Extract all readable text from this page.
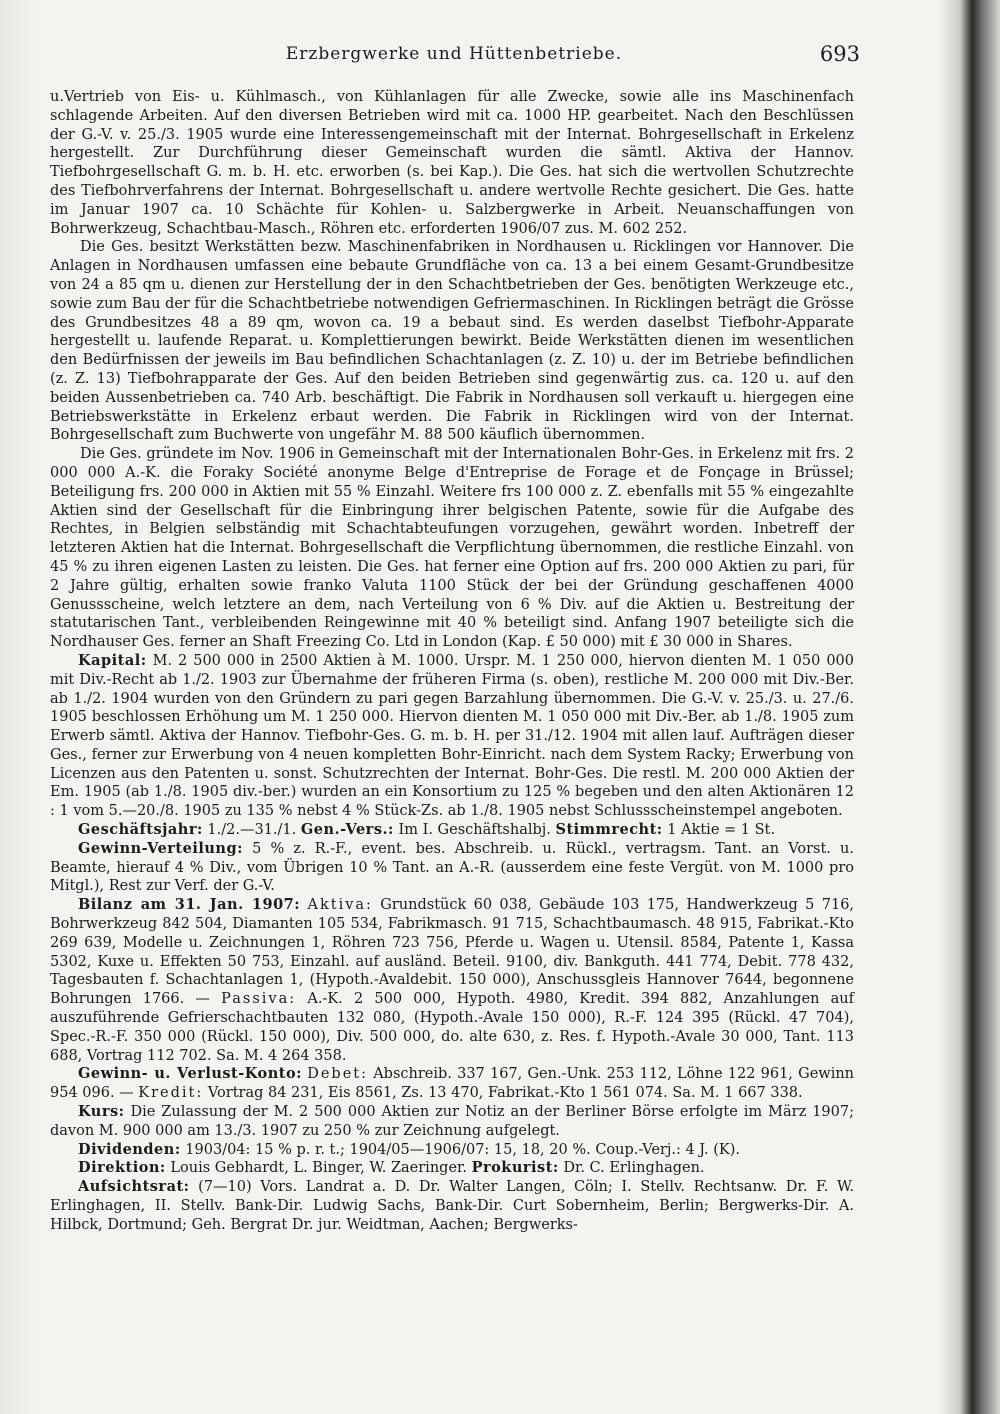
Erzbergwerke und Hüttenbetriebe.	693

u.Vertrieb von Eis- u. Kühlmasch., von Kühlanlagen für alle Zwecke, sowie alle ins Maschinenfach schlagende Arbeiten. Auf den diversen Betrieben wird mit ca. 1000 HP. gearbeitet. Nach den Beschlüssen der G.-V. v. 25./3. 1905 wurde eine Interessengemeinschaft mit der Internat. Bohrgesellschaft in Erkelenz hergestellt. Zur Durchführung dieser Gemeinschaft wurden die sämtl. Aktiva der Hannov. Tiefbohrgesellschaft G. m. b. H. etc. erworben (s. bei Kap.). Die Ges. hat sich die wertvollen Schutzrechte des Tiefbohrverfahrens der Internat. Bohrgesellschaft u. andere wertvolle Rechte gesichert. Die Ges. hatte im Januar 1907 ca. 10 Schächte für Kohlen- u. Salzbergwerke in Arbeit. Neuanschaffungen von Bohrwerkzeug, Schachtbau-Masch., Röhren etc. erforderten 1906/07 zus. M. 602 252.

Die Ges. besitzt Werkstätten bezw. Maschinenfabriken in Nordhausen u. Ricklingen vor Hannover. Die Anlagen in Nordhausen umfassen eine bebaute Grundfläche von ca. 13 a bei einem Gesamt-Grundbesitze von 24 a 85 qm u. dienen zur Herstellung der in den Schachtbetrieben der Ges. benötigten Werkzeuge etc., sowie zum Bau der für die Schachtbetriebe notwendigen Gefriermaschinen. In Ricklingen beträgt die Grösse des Grundbesitzes 48 a 89 qm, wovon ca. 19 a bebaut sind. Es werden daselbst Tiefbohr-Apparate hergestellt u. laufende Reparat. u. Komplettierungen bewirkt. Beide Werkstätten dienen im wesentlichen den Bedürfnissen der jeweils im Bau befindlichen Schachtanlagen (z. Z. 10) u. der im Betriebe befindlichen (z. Z. 13) Tiefbohrapparate der Ges. Auf den beiden Betrieben sind gegenwärtig zus. ca. 120 u. auf den beiden Aussenbetrieben ca. 740 Arb. beschäftigt. Die Fabrik in Nordhausen soll verkauft u. hiergegen eine Betriebswerkstätte in Erkelenz erbaut werden. Die Fabrik in Ricklingen wird von der Internat. Bohrgesellschaft zum Buchwerte von ungefähr M. 88 500 käuflich übernommen.

Die Ges. gründete im Nov. 1906 in Gemeinschaft mit der Internationalen Bohr-Ges. in Erkelenz mit frs. 2 000 000 A.-K. die Foraky Société anonyme Belge d'Entreprise de Forage et de Fonçage in Brüssel; Beteiligung frs. 200 000 in Aktien mit 55 % Einzahl. Weitere frs 100 000 z. Z. ebenfalls mit 55 % eingezahlte Aktien sind der Gesellschaft für die Einbringung ihrer belgischen Patente, sowie für die Aufgabe des Rechtes, in Belgien selbständig mit Schachtabteufungen vorzugehen, gewährt worden. Inbetreff der letzteren Aktien hat die Internat. Bohrgesellschaft die Verpflichtung übernommen, die restliche Einzahl. von 45 % zu ihren eigenen Lasten zu leisten. Die Ges. hat ferner eine Option auf frs. 200 000 Aktien zu pari, für 2 Jahre gültig, erhalten sowie franko Valuta 1100 Stück der bei der Gründung geschaffenen 4000 Genussscheine, welch letztere an dem, nach Verteilung von 6 % Div. auf die Aktien u. Bestreitung der statutarischen Tant., verbleibenden Reingewinne mit 40 % beteiligt sind. Anfang 1907 beteiligte sich die Nordhauser Ges. ferner an Shaft Freezing Co. Ltd in London (Kap. £ 50 000) mit £ 30 000 in Shares.

Kapital: M. 2 500 000 in 2500 Aktien à M. 1000. Urspr. M. 1 250 000, hiervon dienten M. 1 050 000 mit Div.-Recht ab 1./2. 1903 zur Übernahme der früheren Firma (s. oben), restliche M. 200 000 mit Div.-Ber. ab 1./2. 1904 wurden von den Gründern zu pari gegen Barzahlung übernommen. Die G.-V. v. 25./3. u. 27./6. 1905 beschlossen Erhöhung um M. 1 250 000. Hiervon dienten M. 1 050 000 mit Div.-Ber. ab 1./8. 1905 zum Erwerb sämtl. Aktiva der Hannov. Tiefbohr-Ges. G. m. b. H. per 31./12. 1904 mit allen lauf. Aufträgen dieser Ges., ferner zur Erwerbung von 4 neuen kompletten Bohr-Einricht. nach dem System Racky; Erwerbung von Licenzen aus den Patenten u. sonst. Schutzrechten der Internat. Bohr-Ges. Die restl. M. 200 000 Aktien der Em. 1905 (ab 1./8. 1905 div.-ber.) wurden an ein Konsortium zu 125 % begeben und den alten Aktionären 12 : 1 vom 5.—20./8. 1905 zu 135 % nebst 4 % Stück-Zs. ab 1./8. 1905 nebst Schlussscheinstempel angeboten.

Geschäftsjahr: 1./2.—31./1. Gen.-Vers.: Im I. Geschäftshalbj. Stimmrecht: 1 Aktie = 1 St.

Gewinn-Verteilung: 5 % z. R.-F., event. bes. Abschreib. u. Rückl., vertragsm. Tant. an Vorst. u. Beamte, hierauf 4 % Div., vom Übrigen 10 % Tant. an A.-R. (ausserdem eine feste Vergüt. von M. 1000 pro Mitgl.), Rest zur Verf. der G.-V.

Bilanz am 31. Jan. 1907: Aktiva: Grundstück 60 038, Gebäude 103 175, Handwerkzeug 5 716, Bohrwerkzeug 842 504, Diamanten 105 534, Fabrikmasch. 91 715, Schachtbaumasch. 48 915, Fabrikat.-Kto 269 639, Modelle u. Zeichnungen 1, Röhren 723 756, Pferde u. Wagen u. Utensil. 8584, Patente 1, Kassa 5302, Kuxe u. Effekten 50 753, Einzahl. auf ausländ. Beteil. 9100, div. Bankguth. 441 774, Debit. 778 432, Tagesbauten f. Schachtanlagen 1, (Hypoth.-Avaldebit. 150 000), Anschussgleis Hannover 7644, begonnene Bohrungen 1766. — Passiva: A.-K. 2 500 000, Hypoth. 4980, Kredit. 394 882, Anzahlungen auf auszuführende Gefrierschachtbauten 132 080, (Hypoth.-Avale 150 000), R.-F. 124 395 (Rückl. 47 704), Spec.-R.-F. 350 000 (Rückl. 150 000), Div. 500 000, do. alte 630, z. Res. f. Hypoth.-Avale 30 000, Tant. 113 688, Vortrag 112 702. Sa. M. 4 264 358.

Gewinn- u. Verlust-Konto: Debet: Abschreib. 337 167, Gen.-Unk. 253 112, Löhne 122 961, Gewinn 954 096. — Kredit: Vortrag 84 231, Eis 8561, Zs. 13 470, Fabrikat.-Kto 1 561 074. Sa. M. 1 667 338.

Kurs: Die Zulassung der M. 2 500 000 Aktien zur Notiz an der Berliner Börse erfolgte im März 1907; davon M. 900 000 am 13./3. 1907 zu 250 % zur Zeichnung aufgelegt.

Dividenden: 1903/04: 15 % p. r. t.; 1904/05—1906/07: 15, 18, 20 %. Coup.-Verj.: 4 J. (K).

Direktion: Louis Gebhardt, L. Binger, W. Zaeringer. Prokurist: Dr. C. Erlinghagen.

Aufsichtsrat: (7—10) Vors. Landrat a. D. Dr. Walter Langen, Cöln; I. Stellv. Rechtsanw. Dr. F. W. Erlinghagen, II. Stellv. Bank-Dir. Ludwig Sachs, Bank-Dir. Curt Sobernheim, Berlin; Bergwerks-Dir. A. Hilbck, Dortmund; Geh. Bergrat Dr. jur. Weidtman, Aachen; Bergwerks-
